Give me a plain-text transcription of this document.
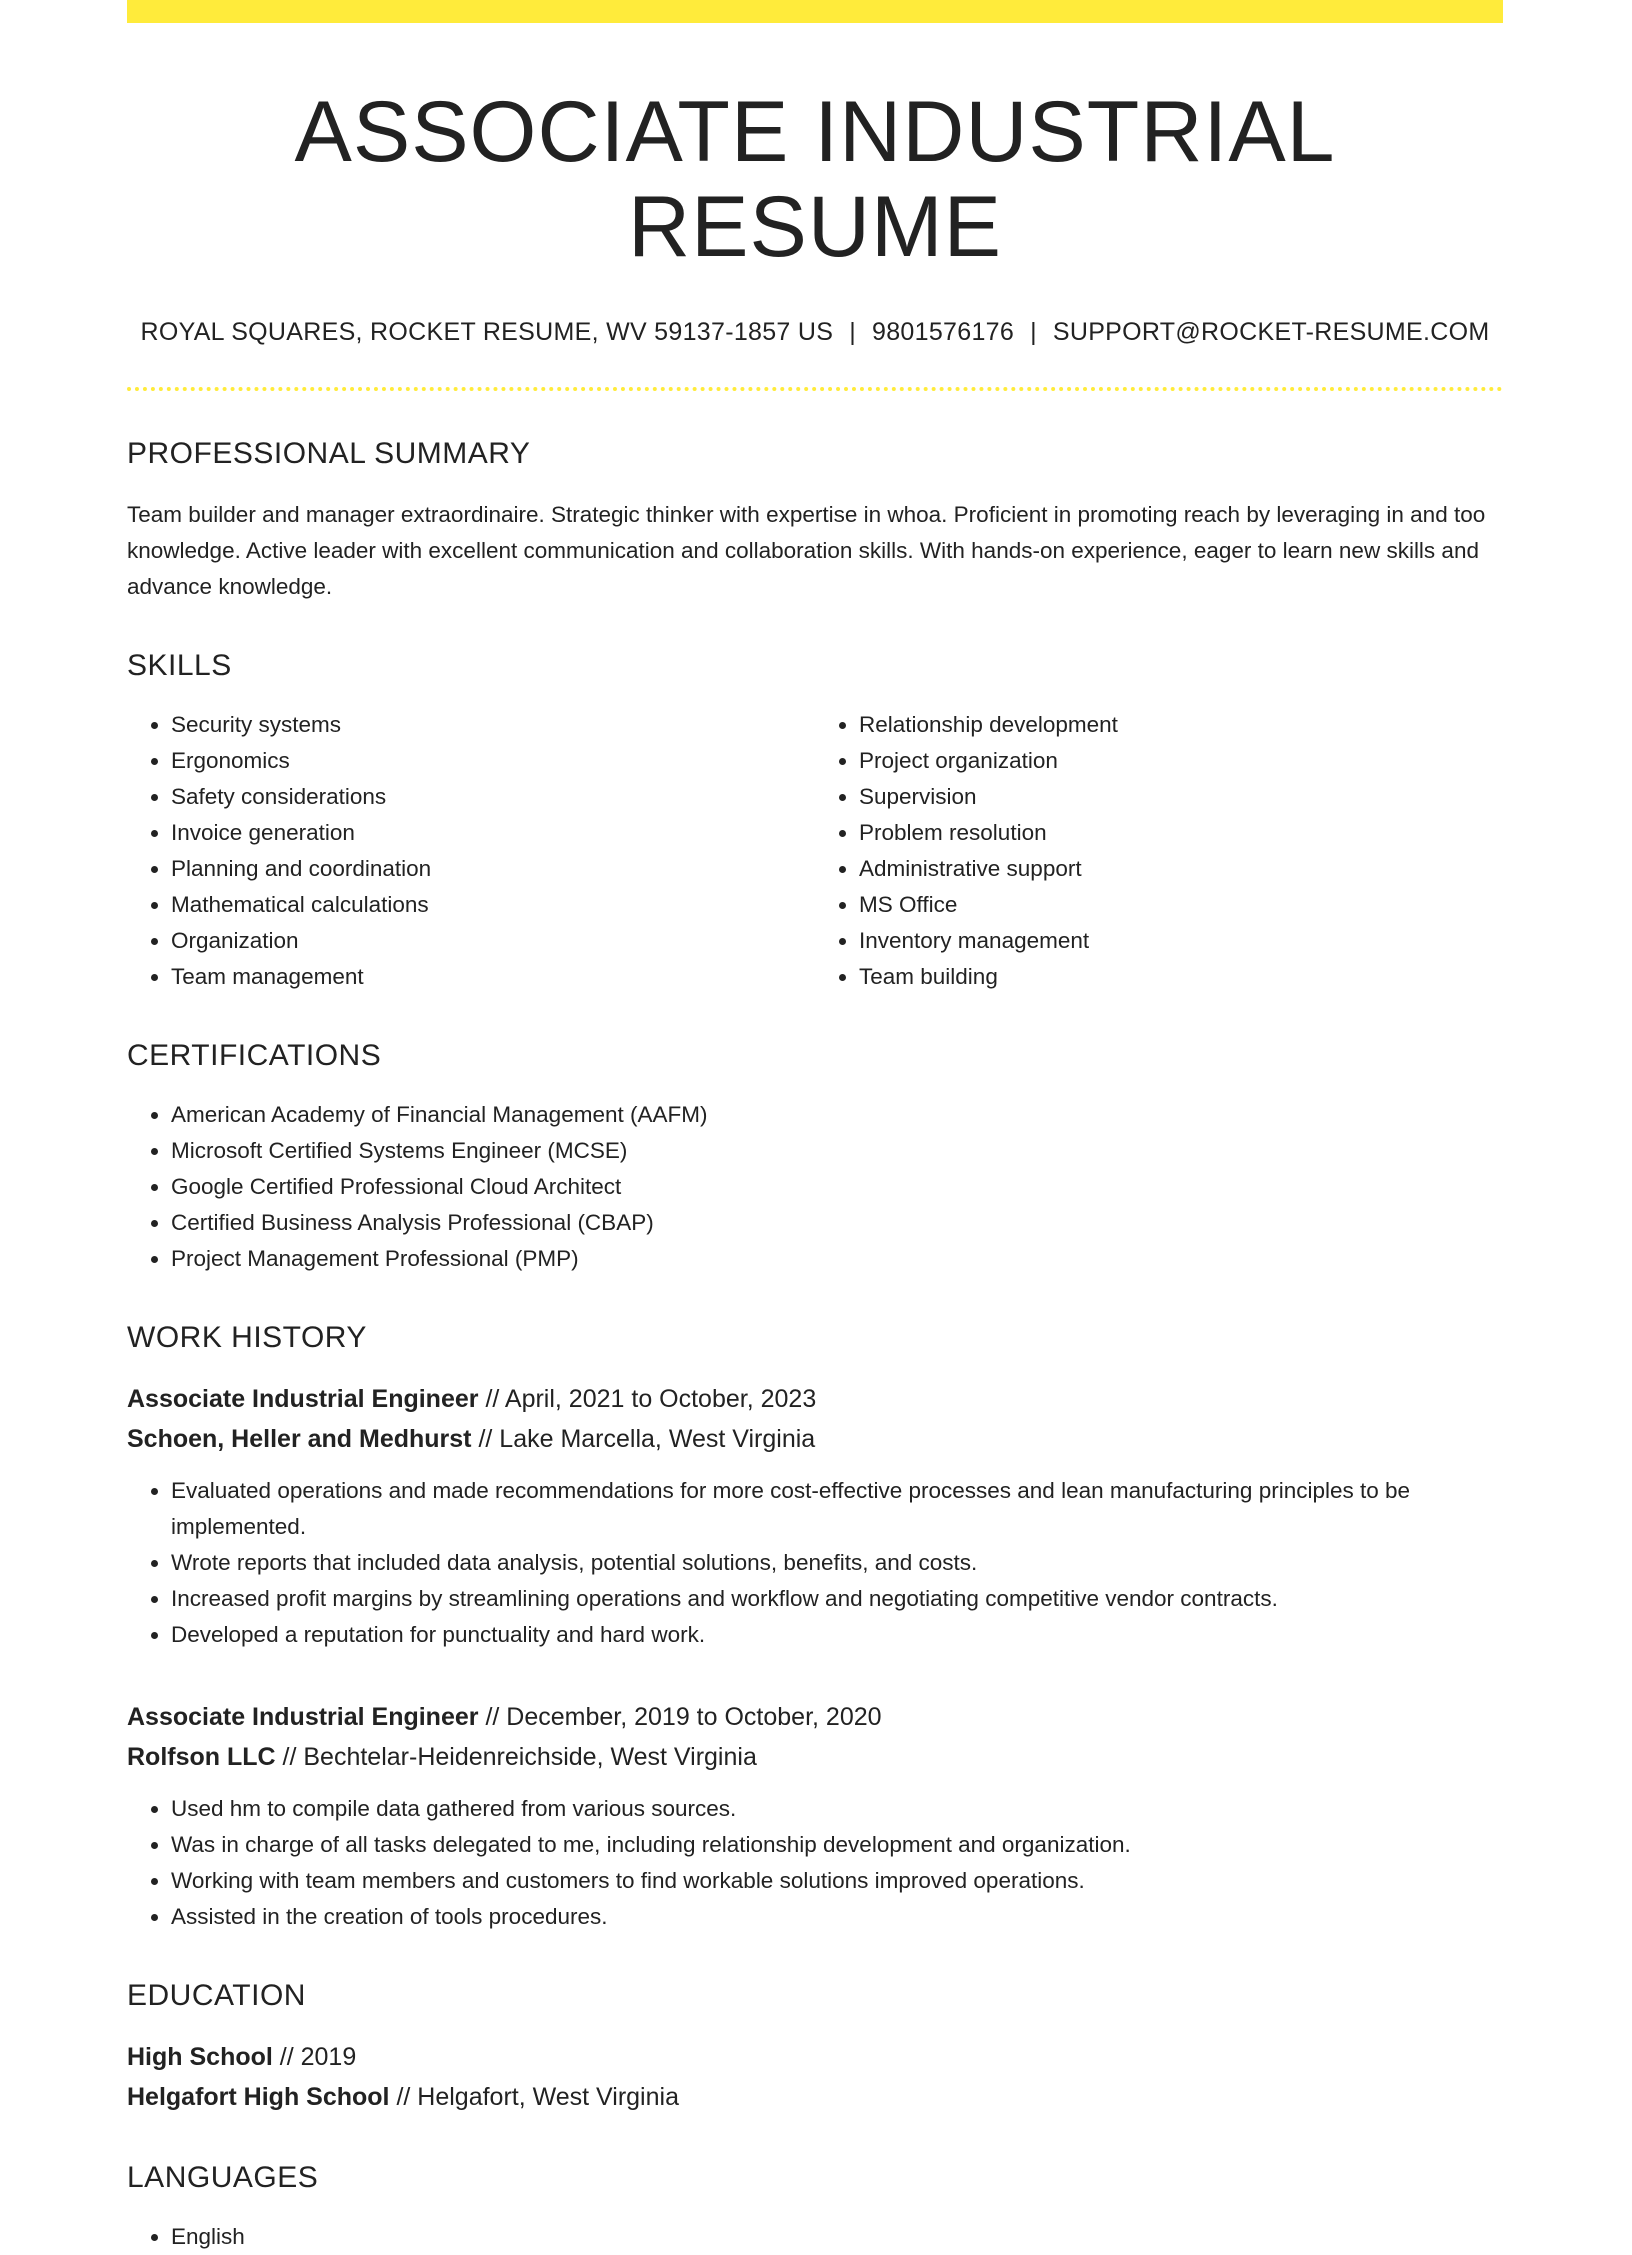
ASSOCIATE INDUSTRIAL RESUME
ROYAL SQUARES, ROCKET RESUME, WV 59137-1857 US | 9801576176 | SUPPORT@ROCKET-RESUME.COM
PROFESSIONAL SUMMARY
Team builder and manager extraordinaire. Strategic thinker with expertise in whoa. Proficient in promoting reach by leveraging in and too knowledge. Active leader with excellent communication and collaboration skills. With hands-on experience, eager to learn new skills and advance knowledge.
SKILLS
• Security systems
• Ergonomics
• Safety considerations
• Invoice generation
• Planning and coordination
• Mathematical calculations
• Organization
• Team management
• Relationship development
• Project organization
• Supervision
• Problem resolution
• Administrative support
• MS Office
• Inventory management
• Team building
CERTIFICATIONS
• American Academy of Financial Management (AAFM)
• Microsoft Certified Systems Engineer (MCSE)
• Google Certified Professional Cloud Architect
• Certified Business Analysis Professional (CBAP)
• Project Management Professional (PMP)
WORK HISTORY
Associate Industrial Engineer // April, 2021 to October, 2023
Schoen, Heller and Medhurst // Lake Marcella, West Virginia
• Evaluated operations and made recommendations for more cost-effective processes and lean manufacturing principles to be implemented.
• Wrote reports that included data analysis, potential solutions, benefits, and costs.
• Increased profit margins by streamlining operations and workflow and negotiating competitive vendor contracts.
• Developed a reputation for punctuality and hard work.
Associate Industrial Engineer // December, 2019 to October, 2020
Rolfson LLC // Bechtelar-Heidenreichside, West Virginia
• Used hm to compile data gathered from various sources.
• Was in charge of all tasks delegated to me, including relationship development and organization.
• Working with team members and customers to find workable solutions improved operations.
• Assisted in the creation of tools procedures.
EDUCATION
High School // 2019
Helgafort High School // Helgafort, West Virginia
LANGUAGES
• English
